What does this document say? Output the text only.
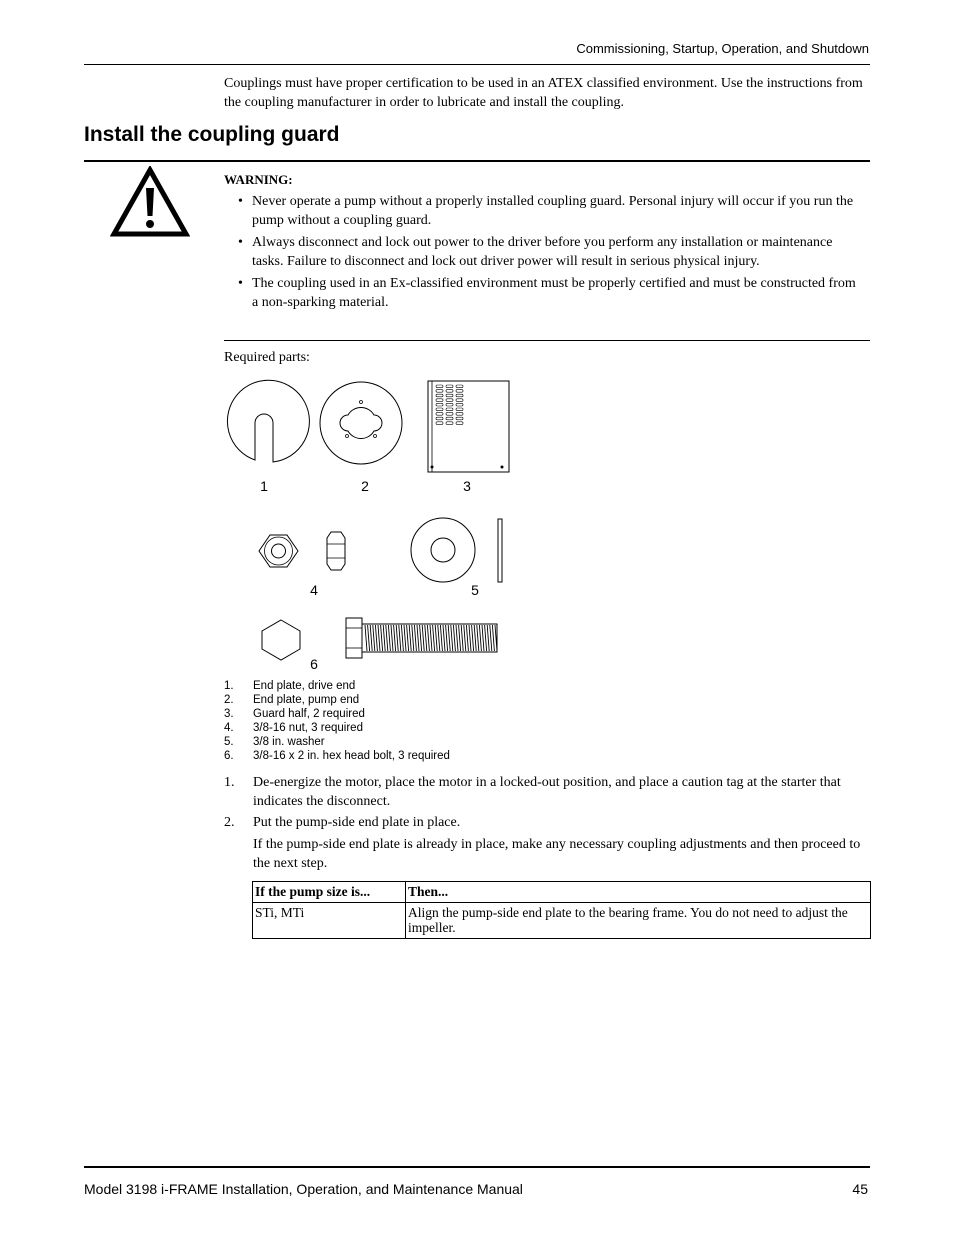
Commissioning, Startup, Operation, and Shutdown
Couplings must have proper certification to be used in an ATEX classified environment. Use the instructions from the coupling manufacturer in order to lubricate and install the coupling.
Install the coupling guard
WARNING:
• Never operate a pump without a properly installed coupling guard. Personal injury will occur if you run the pump without a coupling guard.
• Always disconnect and lock out power to the driver before you perform any installation or maintenance tasks. Failure to disconnect and lock out driver power will result in serious physical injury.
• The coupling used in an Ex-classified environment must be properly certified and must be constructed from a non-sparking material.
Required parts:
1	2	3
4	5
6
1. End plate, drive end
2. End plate, pump end
3. Guard half, 2 required
4. 3/8-16 nut, 3 required
5. 3/8 in. washer
6. 3/8-16 x 2 in. hex head bolt, 3 required
1. De-energize the motor, place the motor in a locked-out position, and place a caution tag at the starter that indicates the disconnect.
2. Put the pump-side end plate in place.
If the pump-side end plate is already in place, make any necessary coupling adjustments and then proceed to the next step.
If the pump size is...	Then...
STi, MTi	Align the pump-side end plate to the bearing frame. You do not need to adjust the impeller.
Model 3198 i-FRAME Installation, Operation, and Maintenance Manual	45
